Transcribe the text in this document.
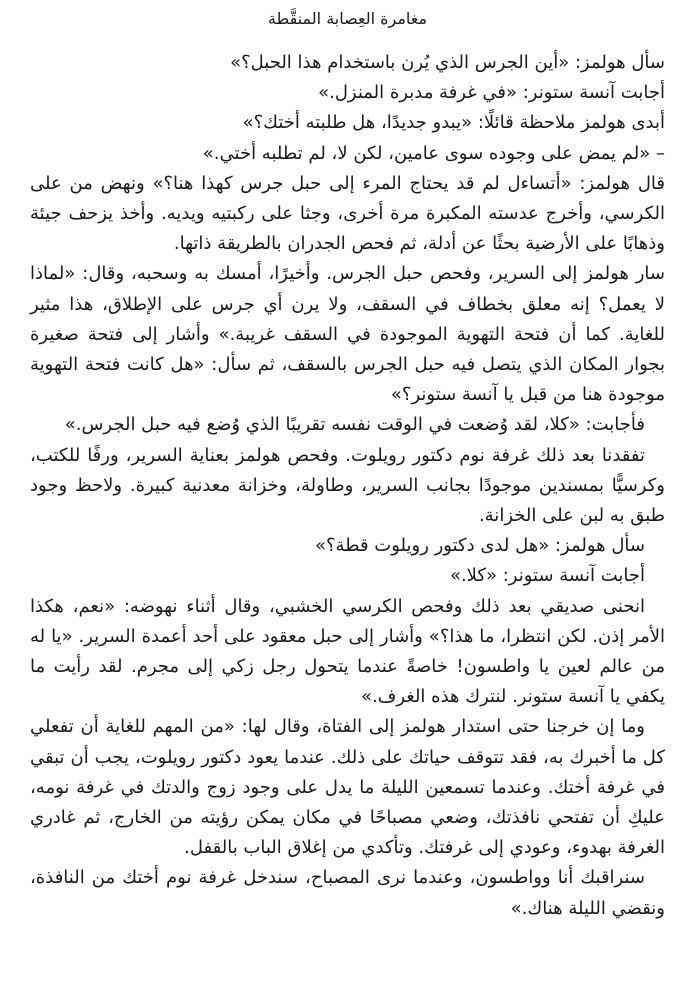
مغامرة العِصابة المنقَّطة

سأل هولمز: «أين الجرس الذي يُرن باستخدام هذا الحبل؟»

أجابت آنسة ستونر: «في غرفة مدبرة المنزل.»

أبدى هولمز ملاحظة قائلًا: «يبدو جديدًا، هل طلبته أختك؟»

– «لم يمض على وجوده سوى عامين، لكن لا، لم تطلبه أختي.»

قال هولمز: «أتساءل لم قد يحتاج المرء إلى حبل جرس كهذا هنا؟» ونهض من على الكرسي، وأخرج عدسته المكبرة مرة أخرى، وجثا على ركبتيه ويديه. وأخذ يزحف جيئة وذهابًا على الأرضية بحثًا عن أدلة، ثم فحص الجدران بالطريقة ذاتها.

سار هولمز إلى السرير، وفحص حبل الجرس. وأخيرًا، أمسك به وسحبه، وقال: «لماذا لا يعمل؟ إنه معلق بخطاف في السقف، ولا يرن أي جرس على الإطلاق، هذا مثير للغاية. كما أن فتحة التهوية الموجودة في السقف غريبة.» وأشار إلى فتحة صغيرة بجوار المكان الذي يتصل فيه حبل الجرس بالسقف، ثم سأل: «هل كانت فتحة التهوية موجودة هنا من قبل يا آنسة ستونر؟»

فأجابت: «كلا، لقد وُضعت في الوقت نفسه تقريبًا الذي وُضع فيه حبل الجرس.»

تفقدنا بعد ذلك غرفة نوم دكتور رويلوت. وفحص هولمز بعناية السرير، ورفًا للكتب، وكرسيًّا بمسندين موجودًا بجانب السرير، وطاولة، وخزانة معدنية كبيرة. ولاحظ وجود طبق به لبن على الخزانة.

سأل هولمز: «هل لدى دكتور رويلوت قطة؟»

أجابت آنسة ستونر: «كلا.»

انحنى صديقي بعد ذلك وفحص الكرسي الخشبي، وقال أثناء نهوضه: «نعم، هكذا الأمر إذن. لكن انتظرا، ما هذا؟» وأشار إلى حبل معقود على أحد أعمدة السرير. «يا له من عالم لعين يا واطسون! خاصةً عندما يتحول رجل زكي إلى مجرم. لقد رأيت ما يكفي يا آنسة ستونر. لنترك هذه الغرف.»

وما إن خرجنا حتى استدار هولمز إلى الفتاة، وقال لها: «من المهم للغاية أن تفعلي كل ما أخبرك به، فقد تتوقف حياتك على ذلك. عندما يعود دكتور رويلوت، يجب أن تبقي في غرفة أختك. وعندما تسمعين الليلة ما يدل على وجود زوج والدتك في غرفة نومه، عليكِ أن تفتحي نافذتك، وضعي مصباحًا في مكان يمكن رؤيته من الخارج، ثم غادري الغرفة بهدوء، وعودي إلى غرفتك. وتأكدي من إغلاق الباب بالقفل.

سنراقبك أنا وواطسون، وعندما نرى المصباح، سندخل غرفة نوم أختك من النافذة، ونقضي الليلة هناك.»
